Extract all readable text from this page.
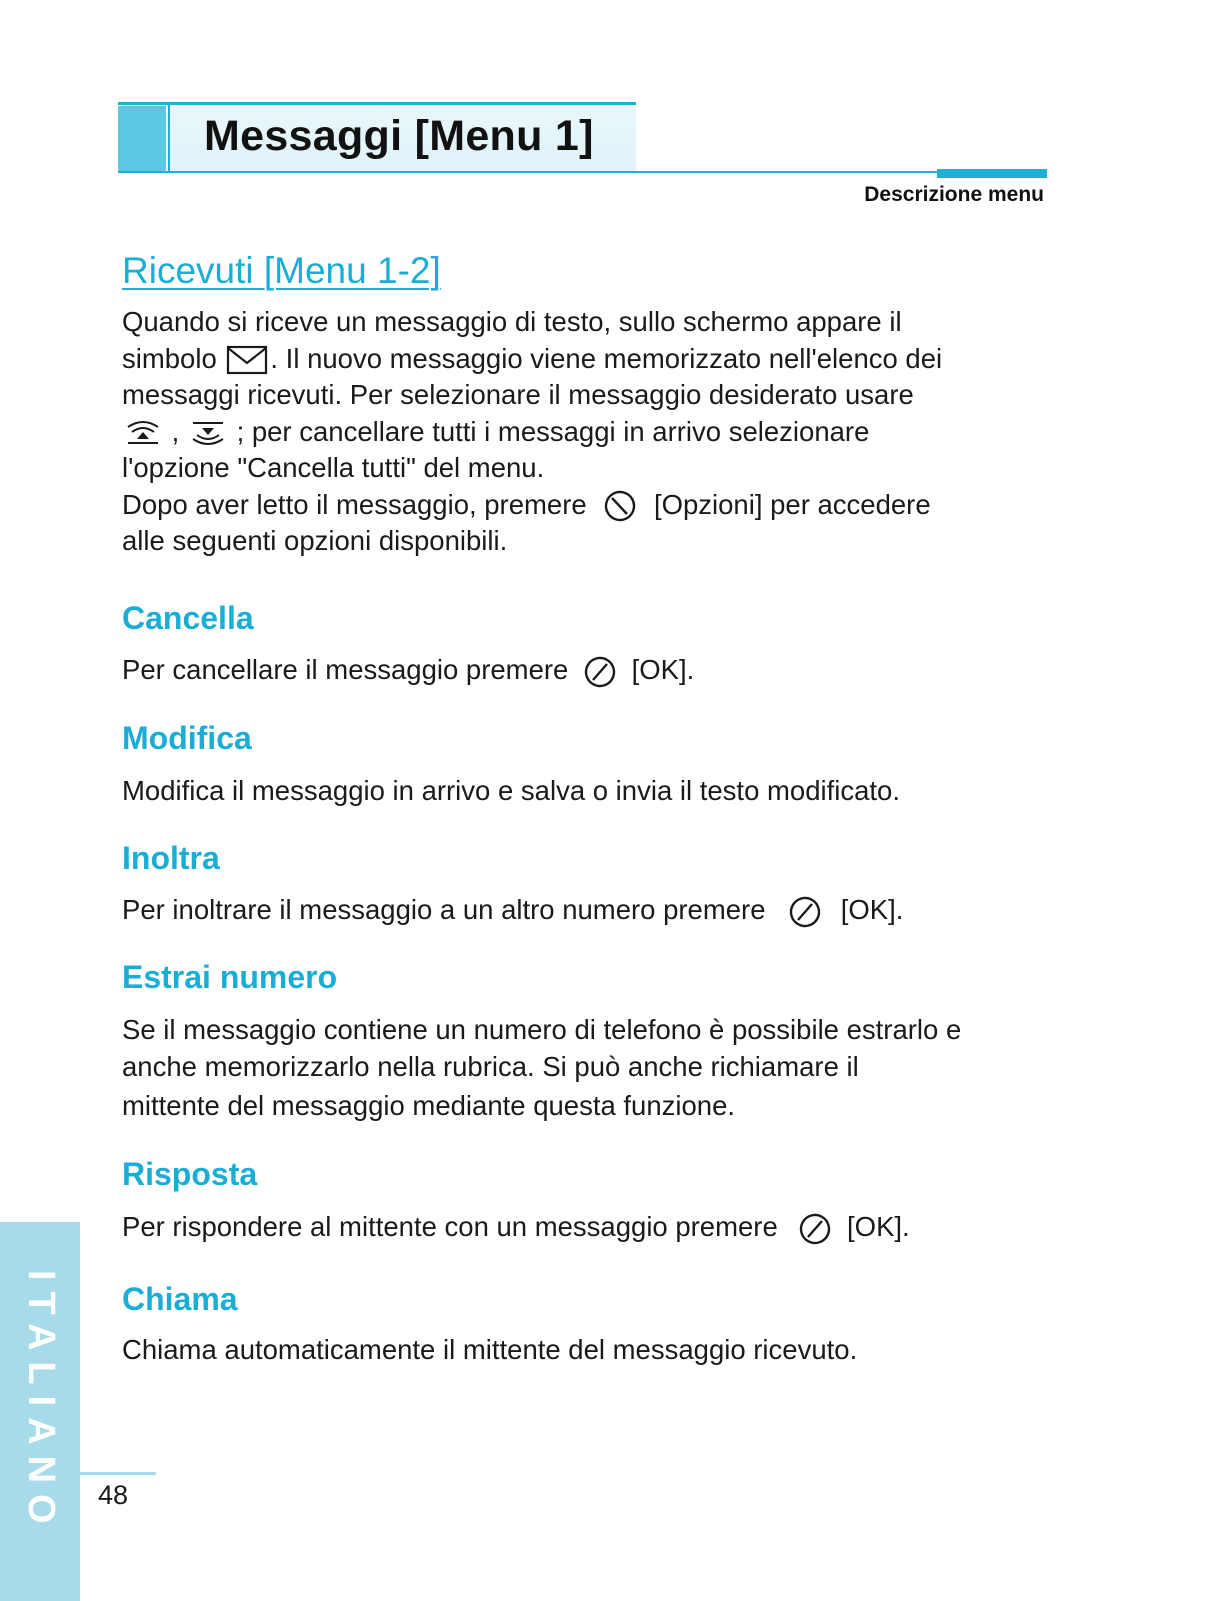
Messaggi [Menu 1]
Descrizione menu
Ricevuti [Menu 1-2]
Quando si riceve un messaggio di testo, sullo schermo appare il
simbolo . Il nuovo messaggio viene memorizzato nell'elenco dei
messaggi ricevuti. Per selezionare il messaggio desiderato usare
, ; per cancellare tutti i messaggi in arrivo selezionare
l'opzione "Cancella tutti" del menu.
Dopo aver letto il messaggio, premere [Opzioni] per accedere
alle seguenti opzioni disponibili.
Cancella
Per cancellare il messaggio premere [OK].
Modifica
Modifica il messaggio in arrivo e salva o invia il testo modificato.
Inoltra
Per inoltrare il messaggio a un altro numero premere	[OK].
Estrai numero
Se il messaggio contiene un numero di telefono è possibile estrarlo e
anche memorizzarlo nella rubrica. Si può anche richiamare il
mittente del messaggio mediante questa funzione.
Risposta
Per rispondere al mittente con un messaggio premere	[OK].
Chiama
Chiama automaticamente il mittente del messaggio ricevuto.
ITALIANO 48
